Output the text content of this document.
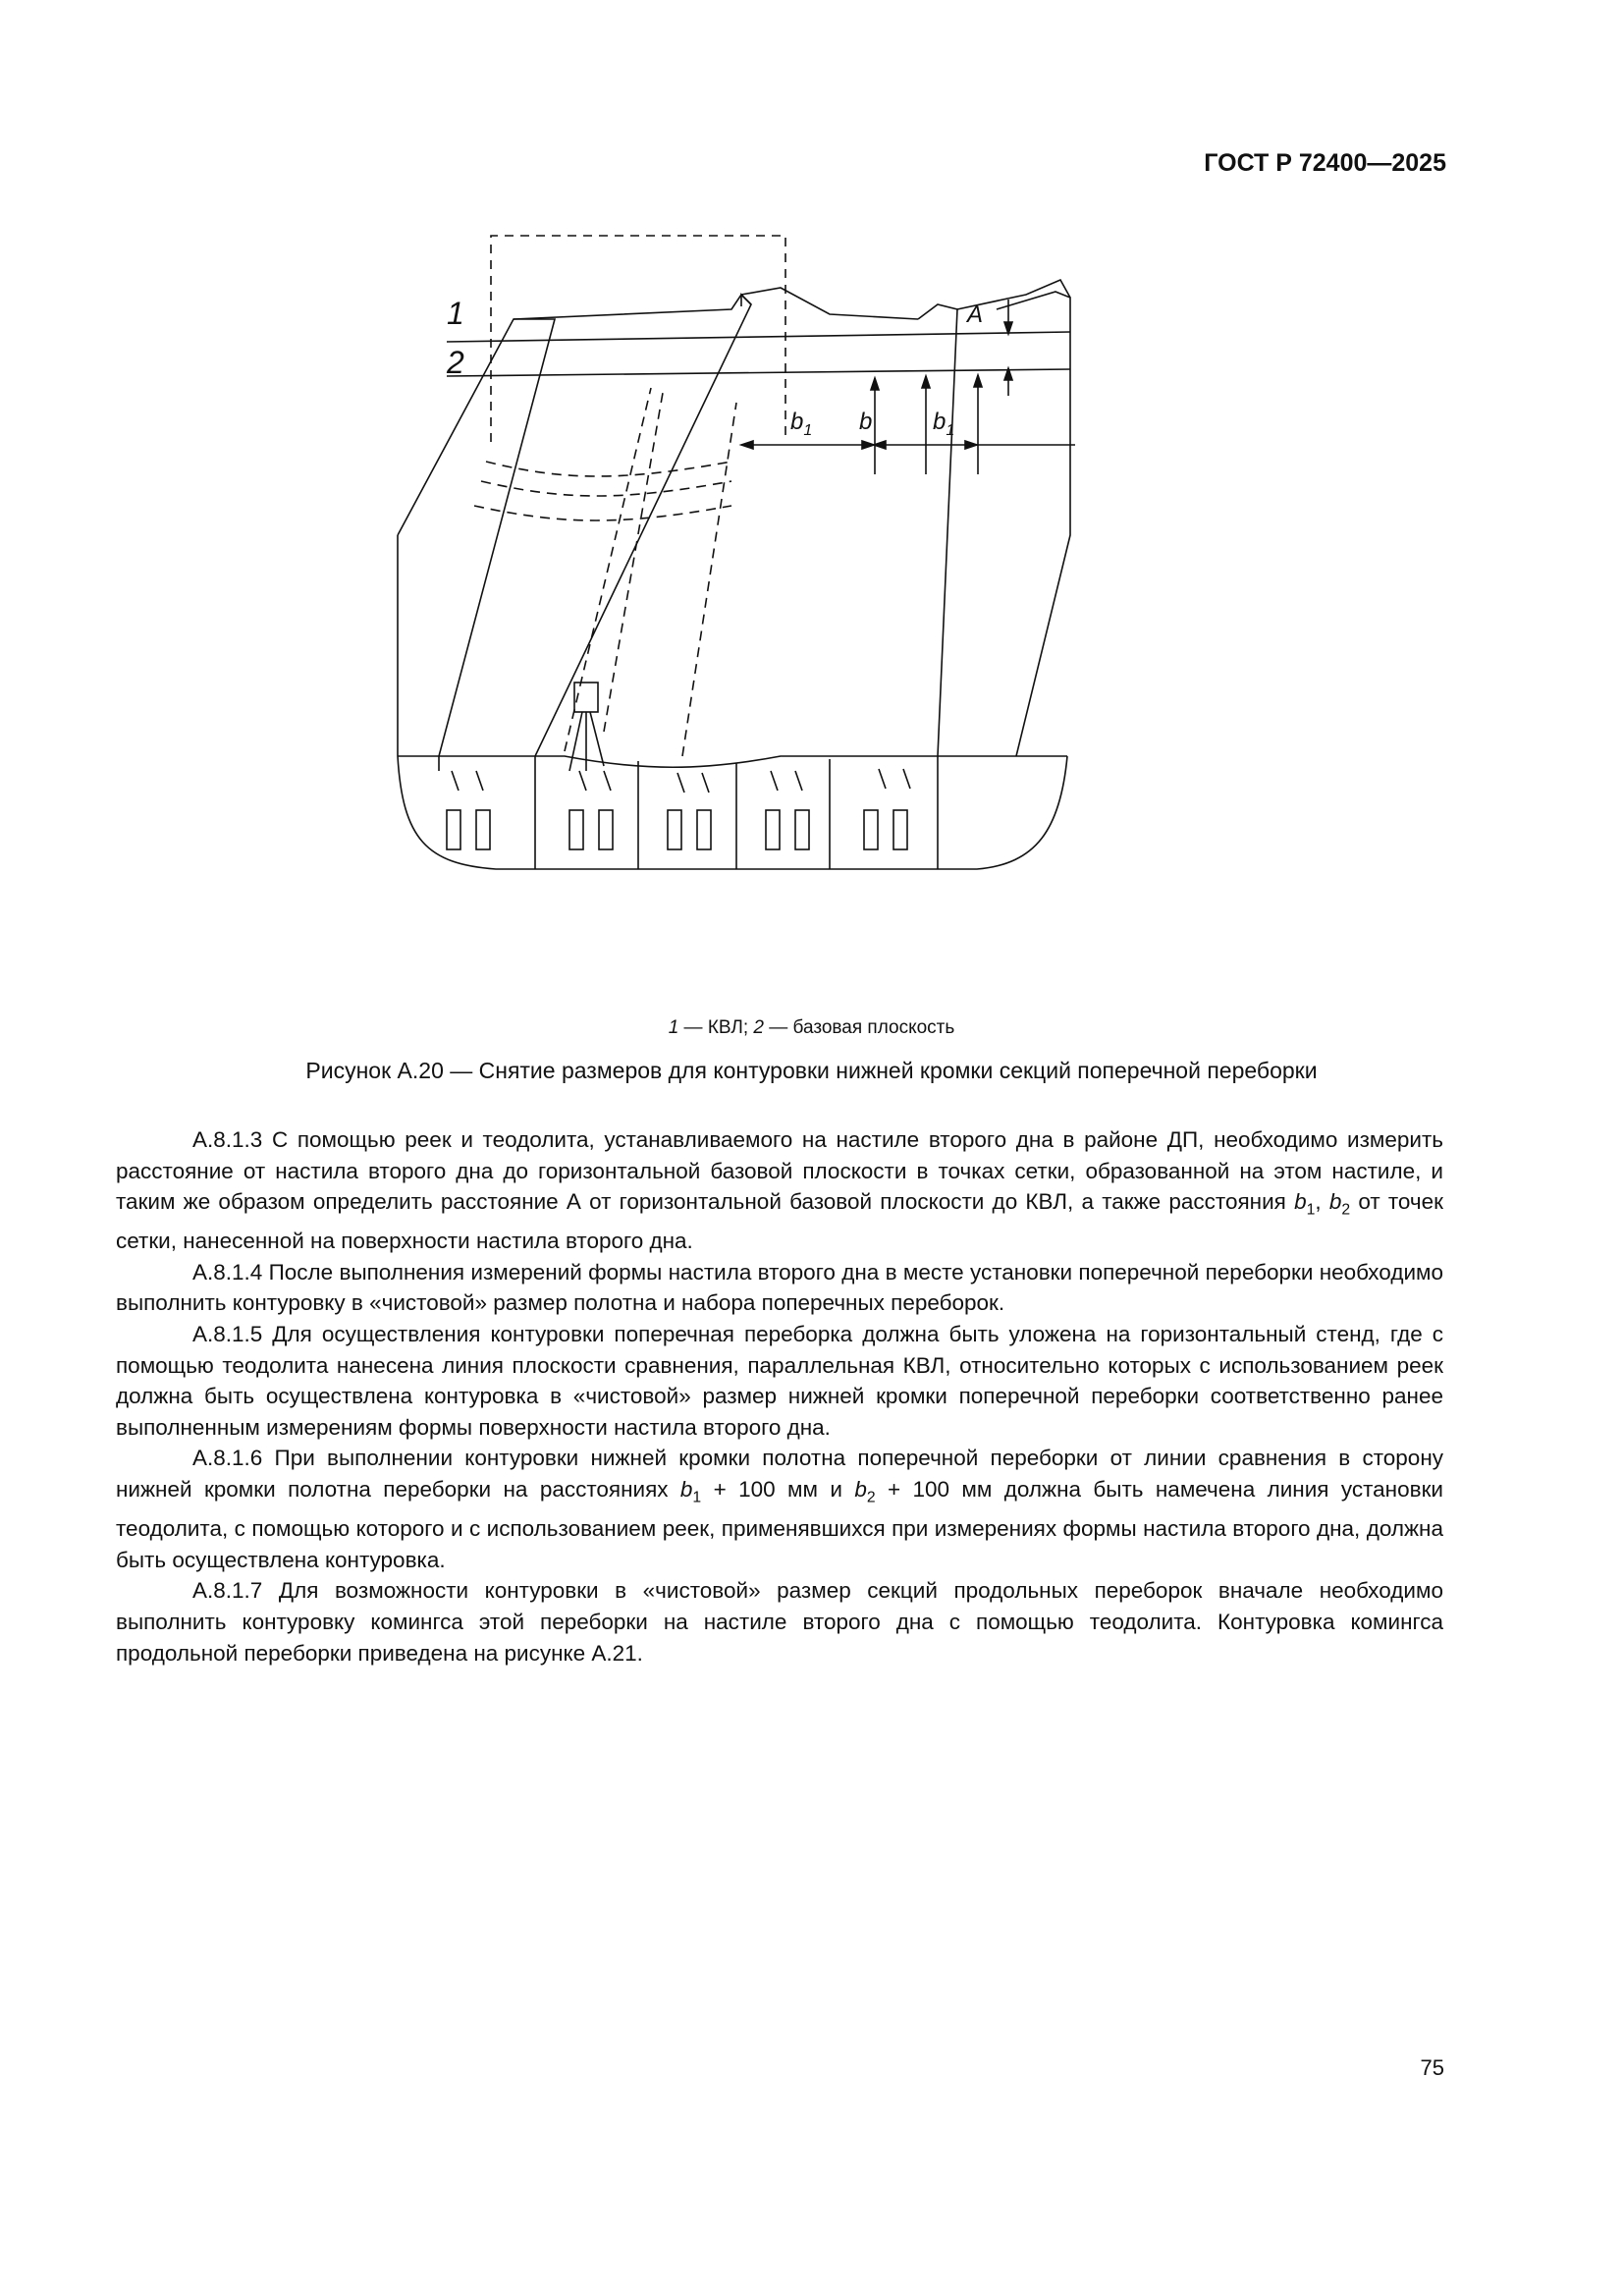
ГОСТ Р 72400—2025
1
2
A
$b_1$ b	$b_1$
1 — КВЛ; 2 — базовая плоскость
Рисунок А.20 — Снятие размеров для контуровки нижней кромки секций поперечной переборки

А.8.1.3 С помощью реек и теодолита, устанавливаемого на настиле второго дна в районе ДП, необходимо измерить расстояние от настила второго дна до горизонтальной базовой плоскости в точках сетки, образованной на этом настиле, и таким же образом определить расстояние А от горизонтальной базовой плоскости до КВЛ, а также расстояния $b_1$, $b_2$ от точек сетки, нанесенной на поверхности настила второго дна.

А.8.1.4 После выполнения измерений формы настила второго дна в месте установки поперечной переборки необходимо выполнить контуровку в «чистовой» размер полотна и набора поперечных переборок.

А.8.1.5 Для осуществления контуровки поперечная переборка должна быть уложена на горизонтальный стенд, где с помощью теодолита нанесена линия плоскости сравнения, параллельная КВЛ, относительно которых с использованием реек должна быть осуществлена контуровка в «чистовой» размер нижней кромки поперечной переборки соответственно ранее выполненным измерениям формы поверхности настила второго дна.

А.8.1.6 При выполнении контуровки нижней кромки полотна поперечной переборки от линии сравнения в сторону нижней кромки полотна переборки на расстояниях $b_1 + 100$ мм и $b_2 + 100$ мм должна быть намечена линия установки теодолита, с помощью которого и с использованием реек, применявшихся при измерениях формы настила второго дна, должна быть осуществлена контуровка.

А.8.1.7 Для возможности контуровки в «чистовой» размер секций продольных переборок вначале необходимо выполнить контуровку комингса этой переборки на настиле второго дна с помощью теодолита. Контуровка комингса продольной переборки приведена на рисунке А.21.

75
